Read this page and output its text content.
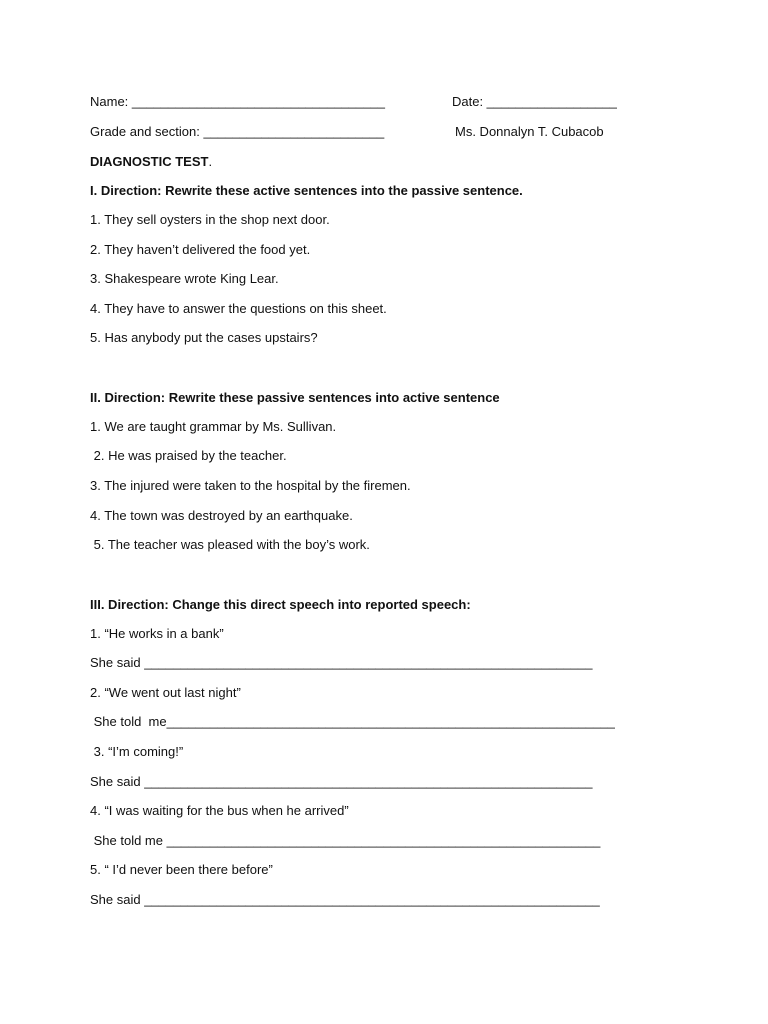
Name: ___________________________________	Date: __________________
Grade and section: _________________________	Ms. Donnalyn T. Cubacob
DIAGNOSTIC TEST.
I. Direction: Rewrite these active sentences into the passive sentence.
1. They sell oysters in the shop next door.
2. They haven’t delivered the food yet.
3. Shakespeare wrote King Lear.
4. They have to answer the questions on this sheet.
5. Has anybody put the cases upstairs?
II. Direction: Rewrite these passive sentences into active sentence
1. We are taught grammar by Ms. Sullivan.
2. He was praised by the teacher.
3. The injured were taken to the hospital by the firemen.
4. The town was destroyed by an earthquake.
5. The teacher was pleased with the boy’s work.
III. Direction: Change this direct speech into reported speech:
1. “He works in a bank”
She said ______________________________________________________________
2. “We went out last night”
She told  me______________________________________________________________
3. “I’m coming!”
She said ______________________________________________________________
4. “I was waiting for the bus when he arrived”
She told me ____________________________________________________________
5. “ I’d never been there before”
She said _______________________________________________________________
